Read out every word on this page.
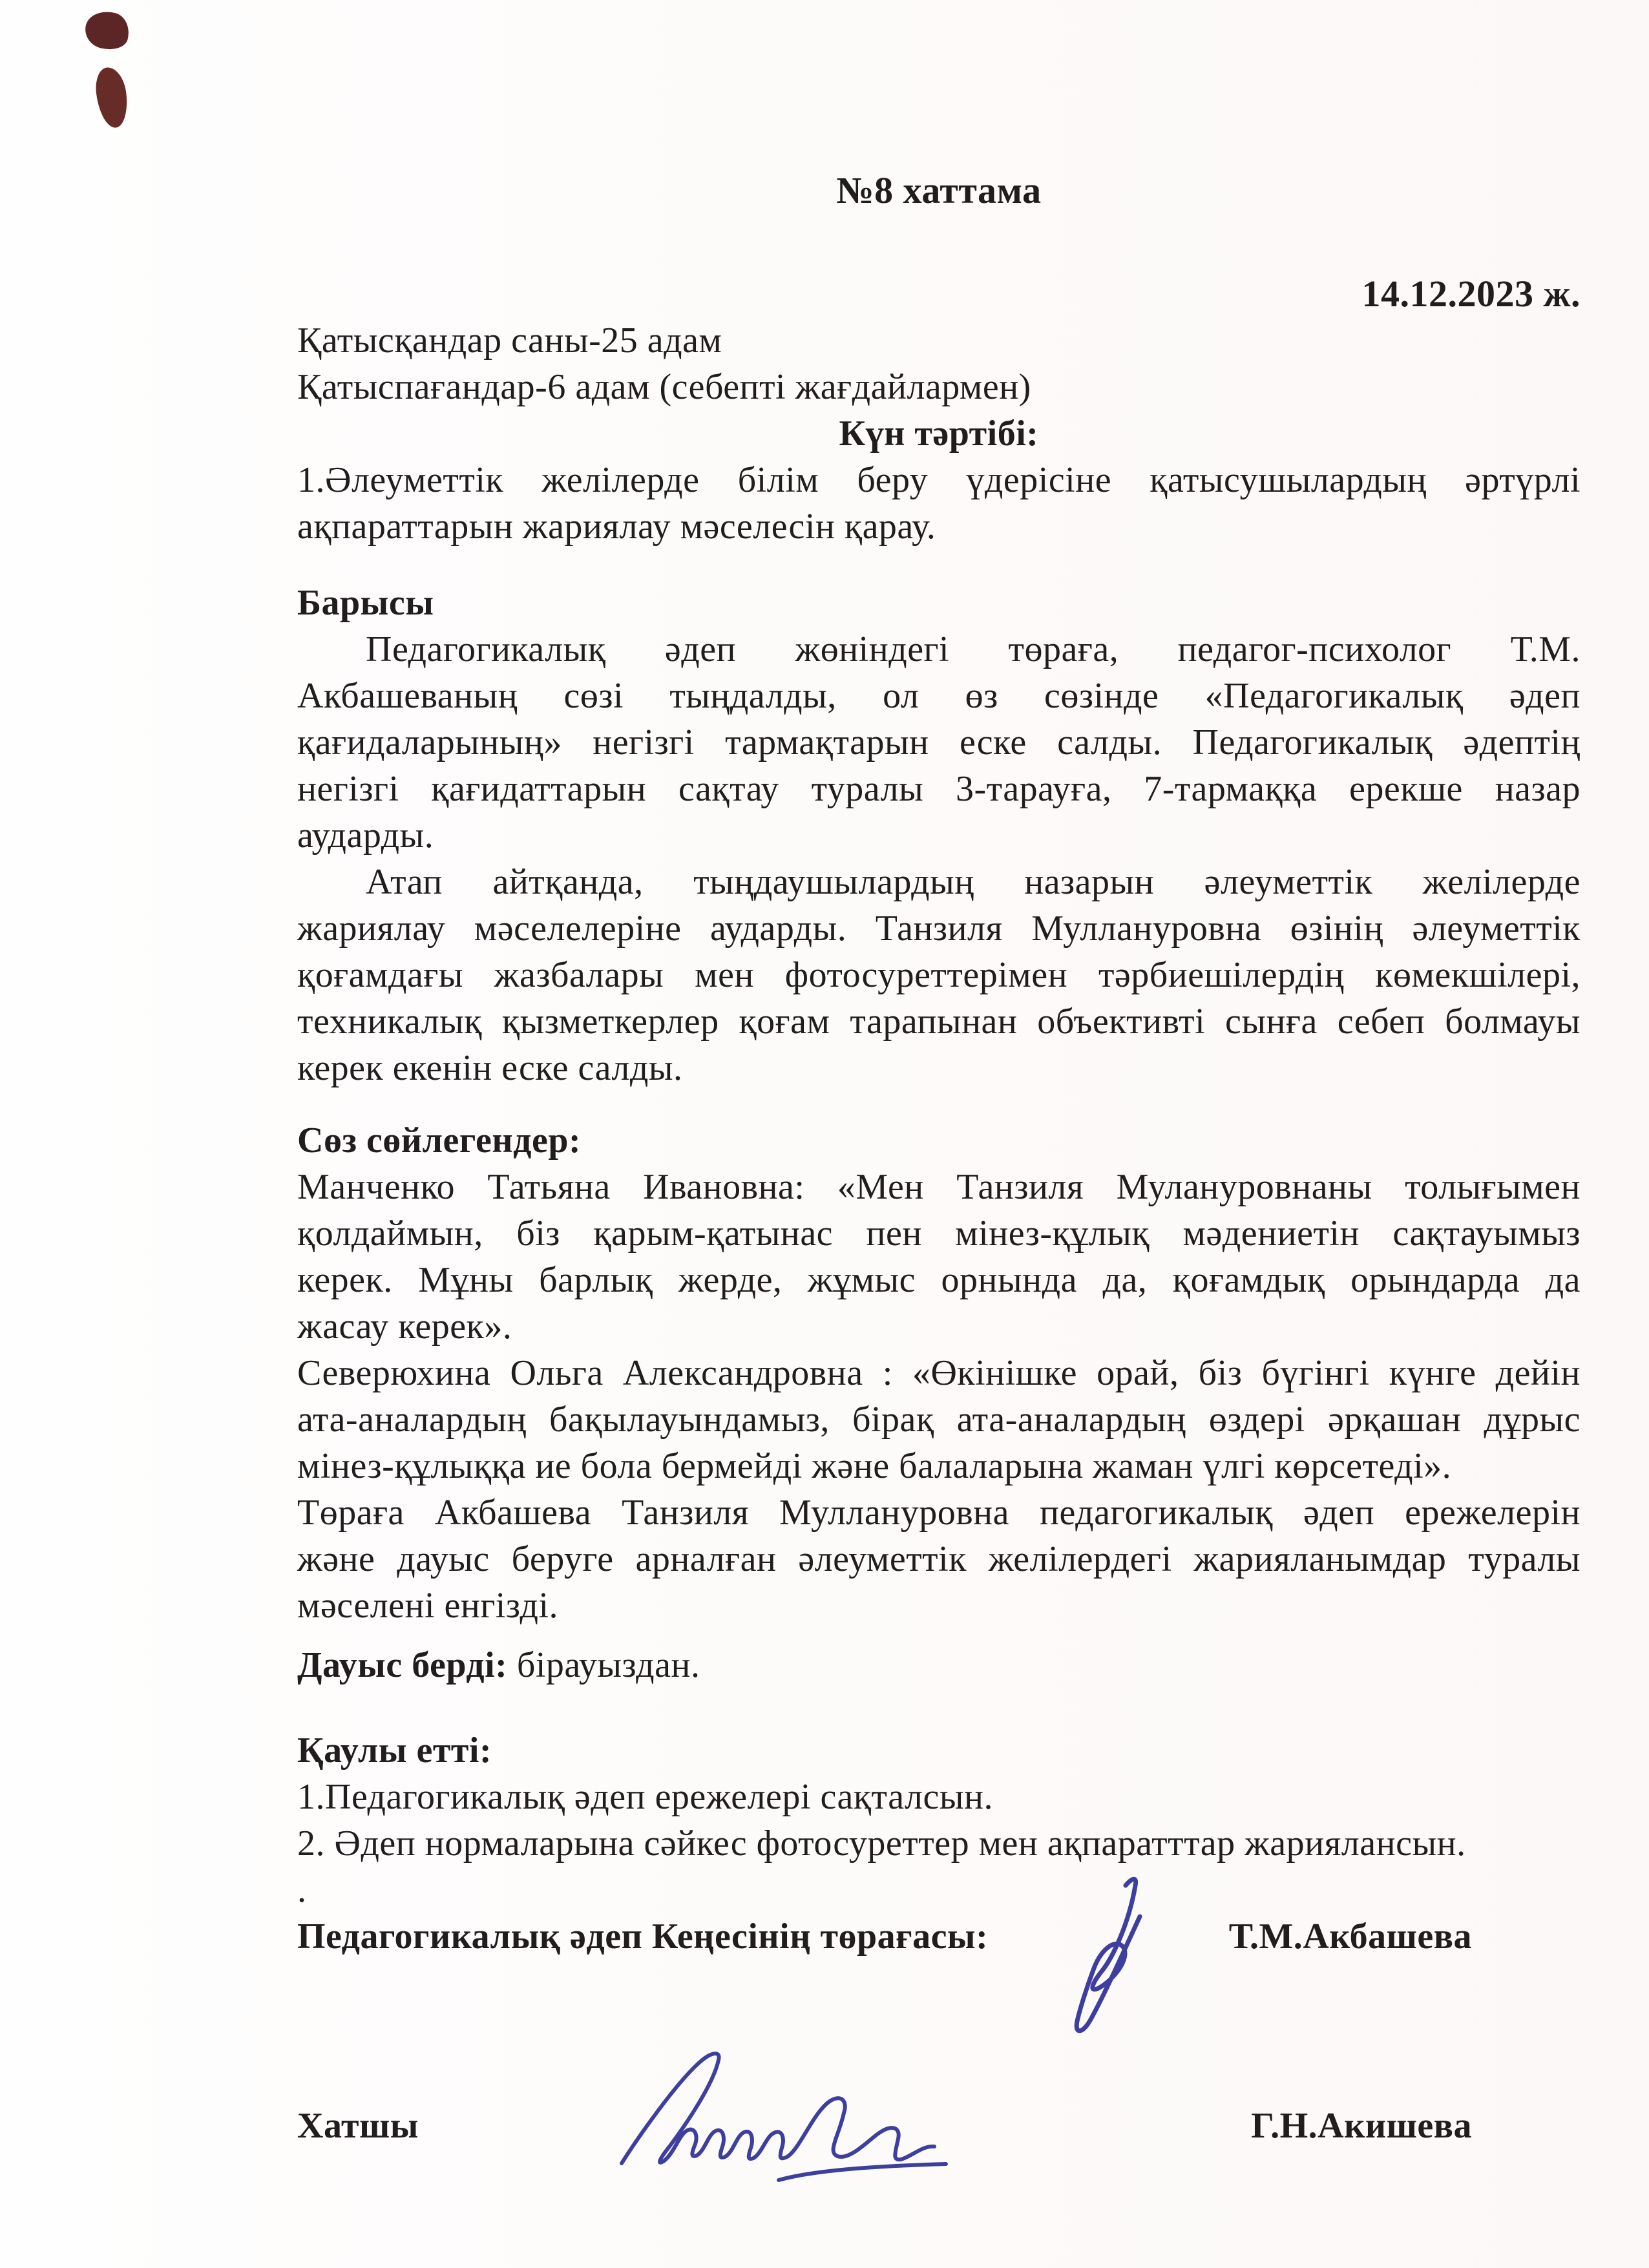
№8 хаттама
14.12.2023 ж.
Қатысқандар саны-25 адам
Қатыспағандар-6 адам (себепті жағдайлармен)
Күн тәртібі:
1.Әлеуметтік желілерде білім беру үдерісіне қатысушылардың әртүрлі
ақпараттарын жариялау мәселесін қарау.
Барысы
Педагогикалық әдеп жөніндегі төраға, педагог-психолог Т.М.
Акбашеваның сөзі тыңдалды, ол өз сөзінде «Педагогикалық әдеп
қағидаларының» негізгі тармақтарын еске салды. Педагогикалық әдептің
негізгі қағидаттарын сақтау туралы 3-тарауға, 7-тармаққа ерекше назар
аударды.
Атап айтқанда, тыңдаушылардың назарын әлеуметтік желілерде
жариялау мәселелеріне аударды. Танзиля Муллануровна өзінің әлеуметтік
қоғамдағы жазбалары мен фотосуреттерімен тәрбиешілердің көмекшілері,
техникалық қызметкерлер қоғам тарапынан объективті сынға себеп болмауы
керек екенін еске салды.
Сөз сөйлегендер:
Манченко Татьяна Ивановна: «Мен Танзиля Мулануровнаны толығымен
қолдаймын, біз қарым-қатынас пен мінез-құлық мәдениетін сақтауымыз
керек. Мұны барлық жерде, жұмыс орнында да, қоғамдық орындарда да
жасау керек».
Северюхина Ольга Александровна : «Өкінішке орай, біз бүгінгі күнге дейін
ата-аналардың бақылауындамыз, бірақ ата-аналардың өздері әрқашан дұрыс
мінез-құлыққа ие бола бермейді және балаларына жаман үлгі көрсетеді».
Төраға Акбашева Танзиля Муллануровна педагогикалық әдеп ережелерін
және дауыс беруге арналған әлеуметтік желілердегі жарияланымдар туралы
мәселені енгізді.
Дауыс берді: бірауыздан.
Қаулы етті:
1.Педагогикалық әдеп ережелері сақталсын.
2. Әдеп нормаларына сәйкес фотосуреттер мен ақпаратттар жариялансын.
.
Педагогикалық әдеп Кеңесінің төрағасы:	Т.М.Акбашева
Хатшы	Г.Н.Акишева
